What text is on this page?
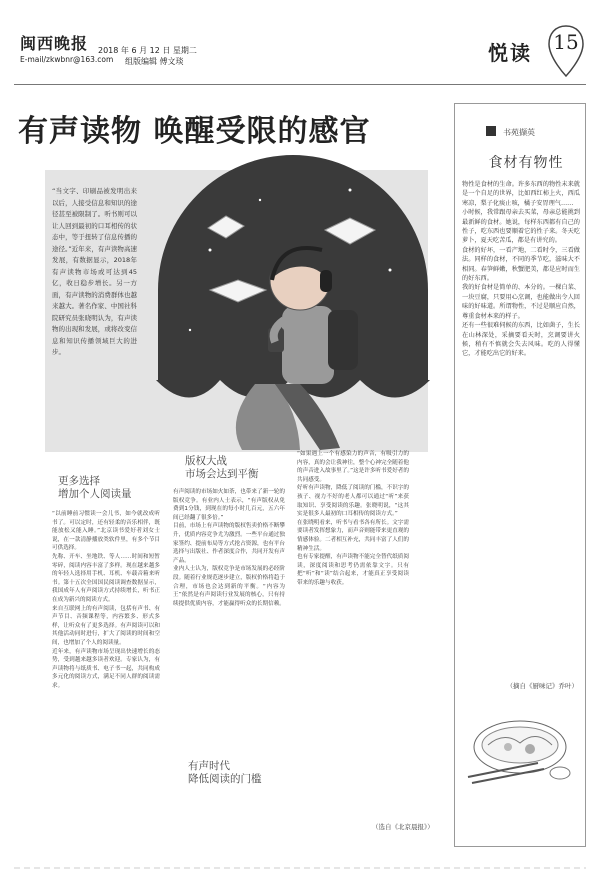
闽西晚报
E-mail/zkwbnr@163.com
2018 年 6 月 12 日 星期二
组版编辑 傅文琰	悦读	15
有声读物 唤醒受限的感官
“当文字、印刷品被发明出来以后，人接受信息和知识的途径甚至被限制了。听书则可以让人回到最初的口耳相传的状态中，等于扭转了信息传播的途径。”近年来，有声读物高速发展，有数据显示，2018年有声读物市场或可达到45亿，收日稳步增长。另一方面，有声读物的消费群体也越来越大。著名作家、中国社科院研究员张晓明认为，有声读物的出现和发展，或将改变信息和知识传播领域巨大的进步。
更多选择
增加个人阅读量
“以前睡前习惯读一会儿书，如今就改成听书了。可以定时，还有轻柔的音乐相伴，既能放松又能入睡。”北京读书爱好者刘女士说，在一款清静播放类软件里，有多个节目可供选择。
先称、开车、坐地铁、等人……时间和短暂零碎，阅读内容丰富了多样。现在越来越多的年轻人选择用手机、耳机、车载音箱来听书。第十五次全国国民阅读调查数据显示，我国成年人有声阅读方式持续增长，听书正在成为新兴的阅读方式。
来自互联网上的有声阅读，包括有声书、有声节目、音频课程等，内容繁多、形式多样，让听众有了更多选择。有声阅读可以和其他活动同时进行，扩大了阅读的时间和空间，也增加了个人的阅读量。
近年来，有声读物市场呈现出快速增长的态势，受到越来越多读者欢迎。专家认为，有声读物将与纸质书、电子书一起，共同构成多元化的阅读方式，满足不同人群的阅读需求。
版权大战
市场会达到平衡
有声阅读的市场如火如荼，也带来了新一轮的版权竞争。有业内人士表示，“有声版权从免费到1分钱，到现在的每小时几百元，五六年间已经翻了很多倍。”
目前，市场上有声读物的版权售卖价格不断攀升，优质内容竞争尤为激烈。一些平台通过独家签约、提前布局等方式抢占资源，也有平台选择与出版社、作者深度合作，共同开发有声产品。
业内人士认为，版权竞争是市场发展的必经阶段。随着行业规范逐步建立，版权价格将趋于合理，市场也会达到新的平衡。“内容为王”依然是有声阅读行业发展的核心，只有持续提供优质内容，才能赢得听众的长期信赖。
有声时代
降低阅读的门槛
“如果遇上一个有感染力的声音，有吸引力的内容，真的会让我神往，整个心神完全随着他的声音进入故事里了。”这是许多听书爱好者的共同感受。
好听有声读物，降低了阅读的门槛，不识字的孩子、视力不好的老人都可以通过“听”来获取知识、享受阅读的乐趣。张晓明说，“这其实是很多人最初的口耳相传的阅读方式。”
在张晓明看来，听书与看书各有所长。文字需要读者发挥想象力，而声音则能带来更直观的情感体验。二者相互补充，共同丰富了人们的精神生活。
也有专家提醒，有声读物不能完全替代纸质阅读，深度阅读和思考仍需依靠文字。只有把“听”和“读”结合起来，才能真正享受阅读带来的乐趣与收获。
（选自《北京晨报》）
书苑撷英
食材有物性
物性是食材的生命。许多东西的物性未来就是一个自足的世界，比如西红柿上火，西瓜寒凉，梨子化痰止咳，橘子安胃理气……
小时候，我常跟母亲去买菜，母亲总能挑到最新鲜的食材。她说，每样东西都有自己的性子，吃东西也要顺着它的性子来。冬天吃萝卜，夏天吃苦瓜，都是有讲究的。
食材的好坏，一看产地，二看时令，三看做法。同样的食材，不同的季节吃，滋味大不相同。春笋鲜嫩，秋蟹肥美，都是应时而生的好东西。
我的好食材是简单的、本分的。一棵白菜、一块豆腐，只要用心烹调，也能做出令人回味的好味道。所谓物性，不过是顺应自然，尊重食材本来的样子。
还有一些很难伺候的东西，比如菌子，生长在山林深处，采摘要看天时，烹调要讲火候，稍有不慎就会失去风味。吃的人得懂它，才能吃出它的好来。
（摘自《厨味记》乔叶）
